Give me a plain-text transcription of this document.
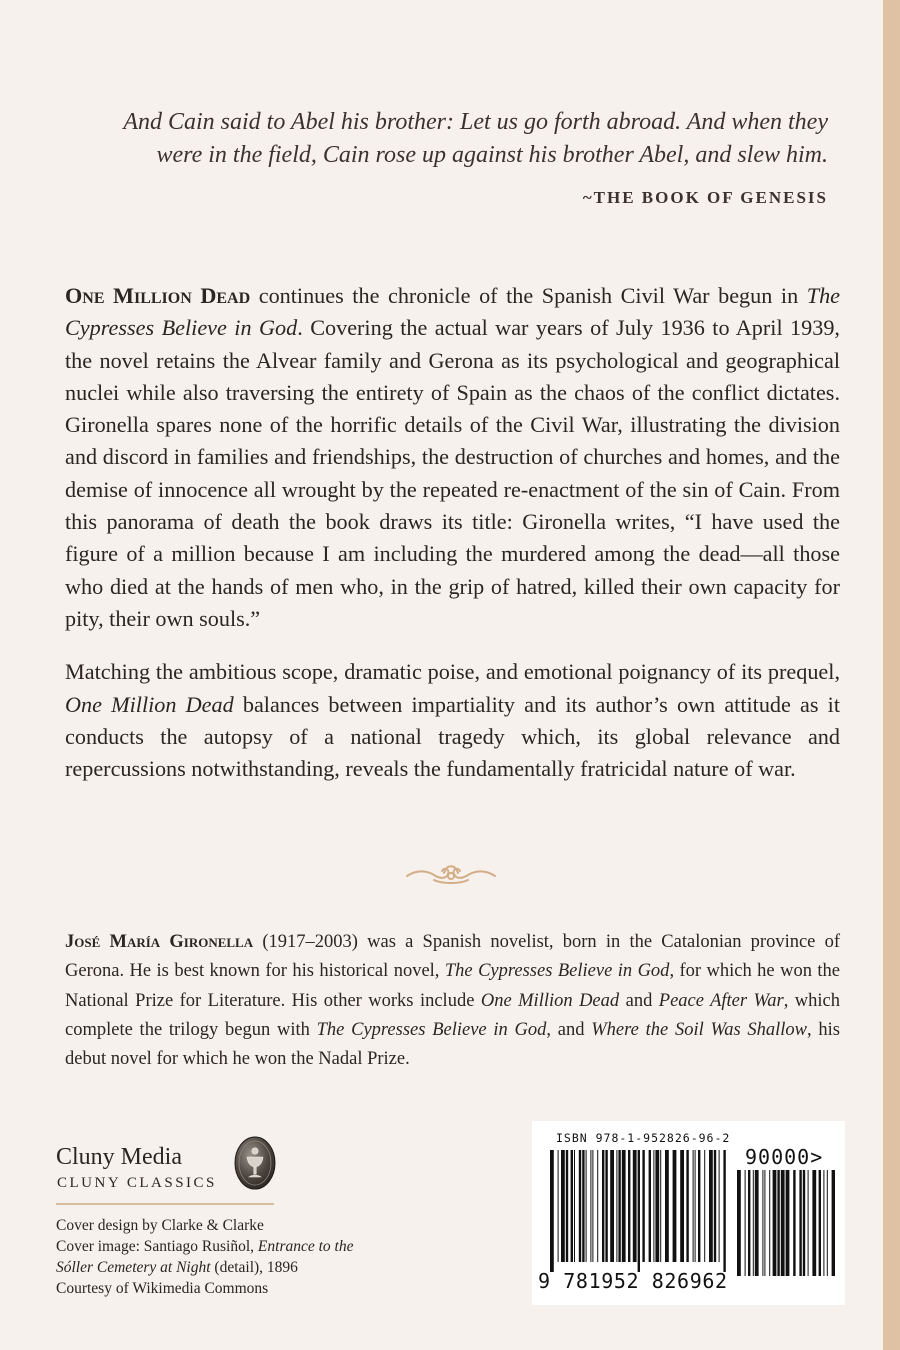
And Cain said to Abel his brother: Let us go forth abroad. And when they
were in the field, Cain rose up against his brother Abel, and slew him.
~THE BOOK OF GENESIS

One Million Dead continues the chronicle of the Spanish Civil War begun in The Cypresses Believe in God. Covering the actual war years of July 1936 to April 1939, the novel retains the Alvear family and Gerona as its psychological and geographical nuclei while also traversing the entirety of Spain as the chaos of the conflict dictates. Gironella spares none of the horrific details of the Civil War, illustrating the division and discord in families and friendships, the destruction of churches and homes, and the demise of innocence all wrought by the repeated re-enactment of the sin of Cain. From this panorama of death the book draws its title: Gironella writes, “I have used the figure of a million because I am including the murdered among the dead—all those who died at the hands of men who, in the grip of hatred, killed their own capacity for pity, their own souls.”

Matching the ambitious scope, dramatic poise, and emotional poignancy of its prequel, One Million Dead balances between impartiality and its author’s own attitude as it conducts the autopsy of a national tragedy which, its global relevance and repercussions notwithstanding, reveals the fundamentally fratricidal nature of war.

José María Gironella (1917–2003) was a Spanish novelist, born in the Catalonian province of Gerona. He is best known for his historical novel, The Cypresses Believe in God, for which he won the National Prize for Literature. His other works include One Million Dead and Peace After War, which complete the trilogy begun with The Cypresses Believe in God, and Where the Soil Was Shallow, his debut novel for which he won the Nadal Prize.
Cluny Media
CLUNY CLASSICS
Cover design by Clarke & Clarke
Cover image: Santiago Rusiñol, Entrance to the
Sóller Cemetery at Night (detail), 1896
Courtesy of Wikimedia Commons
ISBN 978-1-952826-96-2
90000>
9 781952 826962
